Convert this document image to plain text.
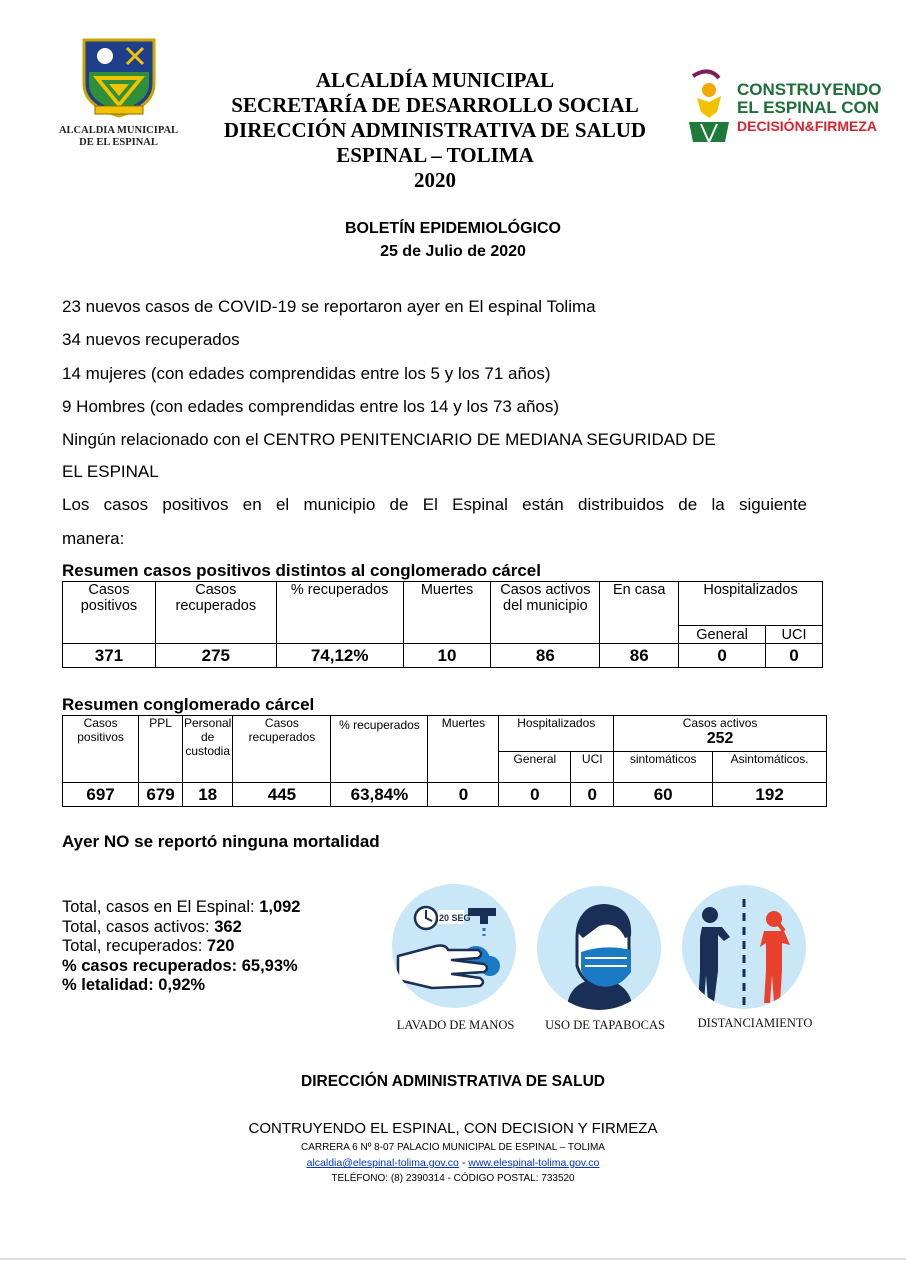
ALCALDIA MUNICIPAL
DE EL ESPINAL
ALCALDÍA MUNICIPAL
SECRETARÍA DE DESARROLLO SOCIAL
DIRECCIÓN ADMINISTRATIVA DE SALUD
ESPINAL – TOLIMA
2020
CONSTRUYENDO
EL ESPINAL CON
DECISIÓN&FIRMEZA
BOLETÍN EPIDEMIOLÓGICO
25 de Julio de 2020
23 nuevos casos de COVID-19 se reportaron ayer en El espinal Tolima
34 nuevos recuperados
14 mujeres (con edades comprendidas entre los 5 y los 71 años)
9 Hombres (con edades comprendidas entre los 14 y los 73 años)
Ningún relacionado con el CENTRO PENITENCIARIO DE MEDIANA SEGURIDAD DE
EL ESPINAL
Los casos positivos en el municipio de El Espinal están distribuidos de la siguiente
manera:
Resumen casos positivos distintos al conglomerado cárcel
Casos positivos	Casos recuperados	% recuperados	Muertes	Casos activos del municipio	En casa	Hospitalizados	
						General	UCI
371	275	74,12%	10	86	86	0	0
Resumen conglomerado cárcel
Casos positivos	PPL	Personal de custodia	Casos recuperados	% recuperados	Muertes	Hospitalizados		Casos activos
252	

						General	UCI	sintomáticos	Asintomáticos.
697	679	18	445	63,84%	0	0	0	60	192
Ayer NO se reportó ninguna mortalidad
Total, casos en El Espinal: 1,092
Total, casos activos: 362
Total, recuperados: 720
% casos recuperados: 65,93%
% letalidad: 0,92%
20 SEG
LAVADO DE MANOS	USO DE TAPABOCAS	DISTANCIAMIENTO
DIRECCIÓN ADMINISTRATIVA DE SALUD
CONTRUYENDO EL ESPINAL, CON DECISION Y FIRMEZA
CARRERA 6 Nº 8-07 PALACIO MUNICIPAL DE ESPINAL – TOLIMA
alcaldia@elespinal-tolima.gov.co - www.elespinal-tolima.gov.co
TELÉFONO: (8) 2390314 - CÓDIGO POSTAL: 733520
